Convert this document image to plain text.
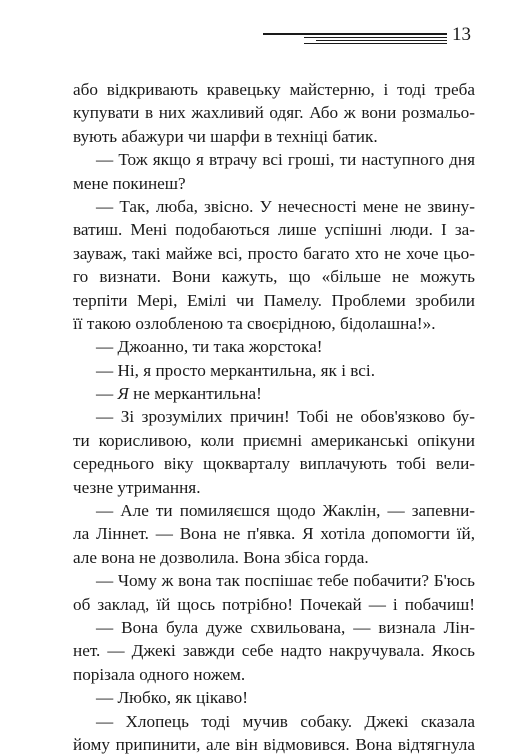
13
або відкривають кравецьку майстерню, і тоді треба
купувати в них жахливий одяг. Або ж вони розмальо-
вують абажури чи шарфи в техніці батик.
— Тож якщо я втрачу всі гроші, ти наступного дня
мене покинеш?
— Так, люба, звісно. У нечесності мене не звину-
ватиш. Мені подобаються лише успішні люди. І за-
зауваж, такі майже всі, просто багато хто не хоче цьо-
го визнати. Вони кажуть, що «більше не можуть
терпіти Мері, Емілі чи Памелу. Проблеми зробили
її такою озлобленою та своєрідною, бідолашна!».
— Джоанно, ти така жорстока!
— Ні, я просто меркантильна, як і всі.
— Я не меркантильна!
— Зі зрозумілих причин! Тобі не обов'язково бу-
ти корисливою, коли приємні американські опікуни
середнього віку щокварталу виплачують тобі вели-
чезне утримання.
— Але ти помиляєшся щодо Жаклін, — запевни-
ла Ліннет. — Вона не п'явка. Я хотіла допомогти їй,
але вона не дозволила. Вона збіса горда.
— Чому ж вона так поспішає тебе побачити? Б'юсь
об заклад, їй щось потрібно! Почекай — і побачиш!
— Вона була дуже схвильована, — визнала Лін-
нет. — Джекі завжди себе надто накручувала. Якось
порізала одного ножем.
— Любко, як цікаво!
— Хлопець тоді мучив собаку. Джекі сказала
йому припинити, але він відмовився. Вона відтягнула
